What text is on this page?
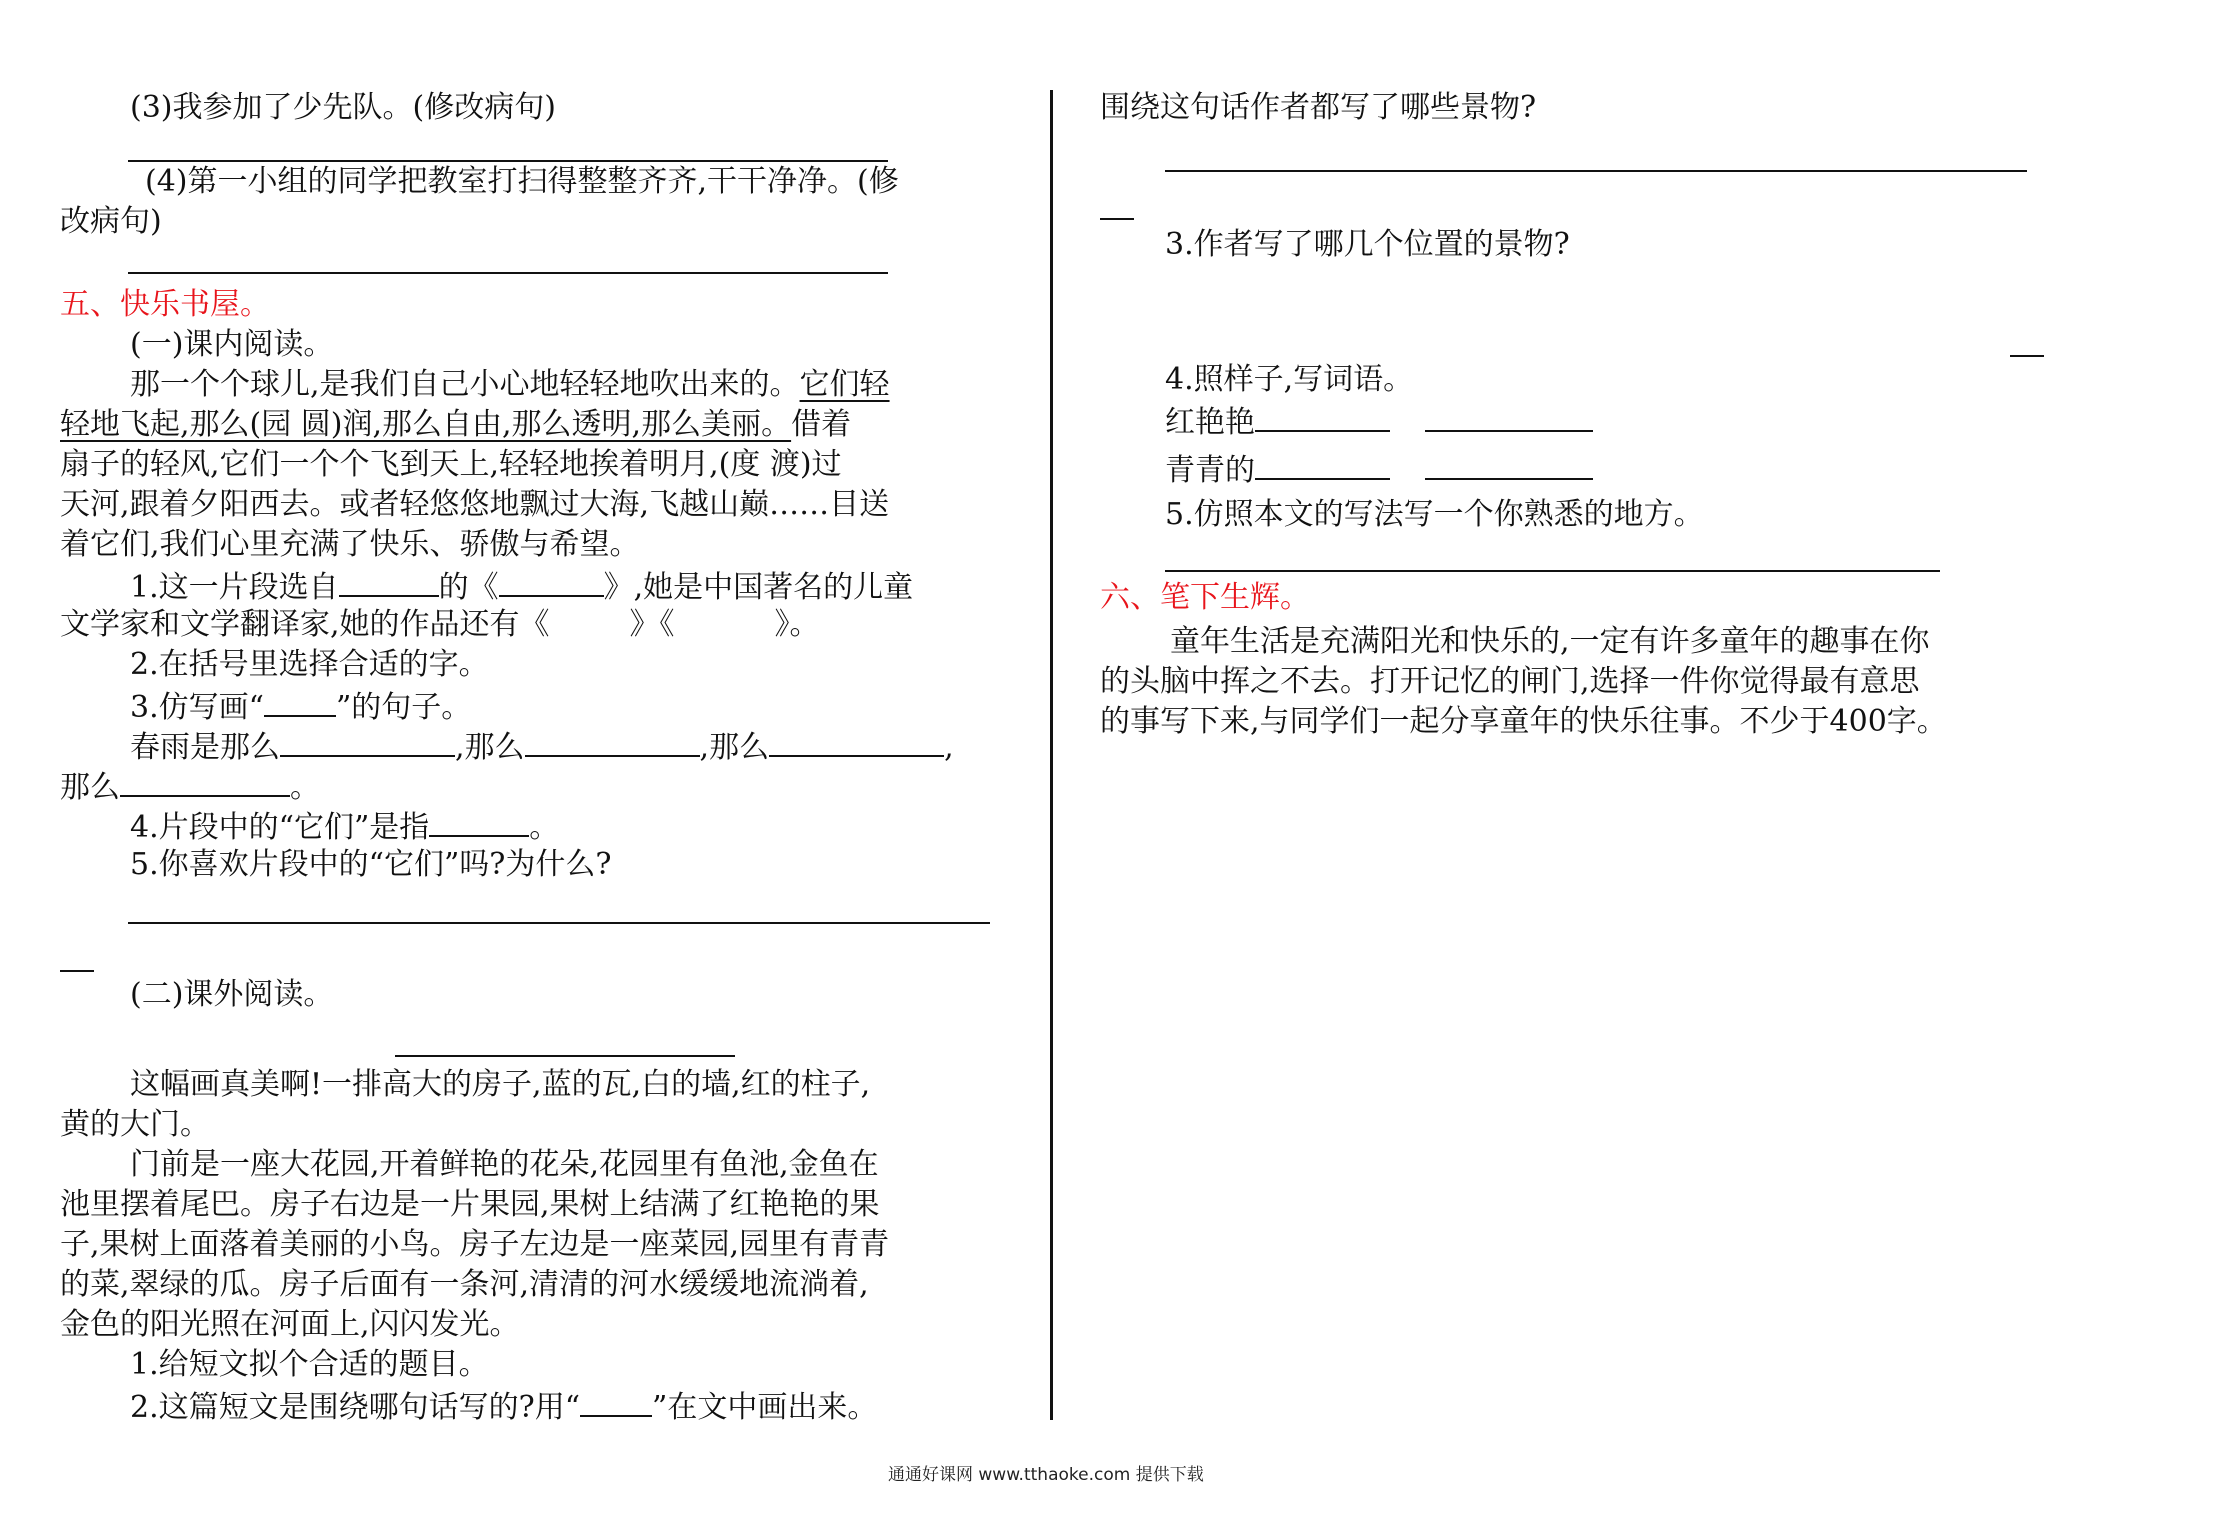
(3)我参加了少先队。(修改病句)
(4)第一小组的同学把教室打扫得整整齐齐,干干净净。(修
改病句)
五、快乐书屋。
(一)课内阅读。
那一个个球儿,是我们自己小心地轻轻地吹出来的。它们轻
轻地飞起,那么(园 圆)润,那么自由,那么透明,那么美丽。借着
扇子的轻风,它们一个个飞到天上,轻轻地挨着明月,(度 渡)过
天河,跟着夕阳西去。或者轻悠悠地飘过大海,飞越山巅……目送
着它们,我们心里充满了快乐、骄傲与希望。
1.这一片段选自	的《	》,她是中国著名的儿童
文学家和文学翻译家,她的作品还有《	》《	》。
2.在括号里选择合适的字。
3.仿写画“ ”的句子。
春雨是那么	,那么	,那么	,
那么	。
4.片段中的“它们”是指	。
5.你喜欢片段中的“它们”吗?为什么?
(二)课外阅读。
这幅画真美啊!一排高大的房子,蓝的瓦,白的墙,红的柱子,
黄的大门。
门前是一座大花园,开着鲜艳的花朵,花园里有鱼池,金鱼在
池里摆着尾巴。房子右边是一片果园,果树上结满了红艳艳的果
子,果树上面落着美丽的小鸟。房子左边是一座菜园,园里有青青
的菜,翠绿的瓜。房子后面有一条河,清清的河水缓缓地流淌着,
金色的阳光照在河面上,闪闪发光。
1.给短文拟个合适的题目。
2.这篇短文是围绕哪句话写的?用“ ”在文中画出来。
围绕这句话作者都写了哪些景物?
3.作者写了哪几个位置的景物?
4.照样子,写词语。
红艳艳
青青的
5.仿照本文的写法写一个你熟悉的地方。
六、笔下生辉。
童年生活是充满阳光和快乐的,一定有许多童年的趣事在你
的头脑中挥之不去。打开记忆的闸门,选择一件你觉得最有意思
的事写下来,与同学们一起分享童年的快乐往事。不少于400字。
通通好课网 www.tthaoke.com 提供下载
